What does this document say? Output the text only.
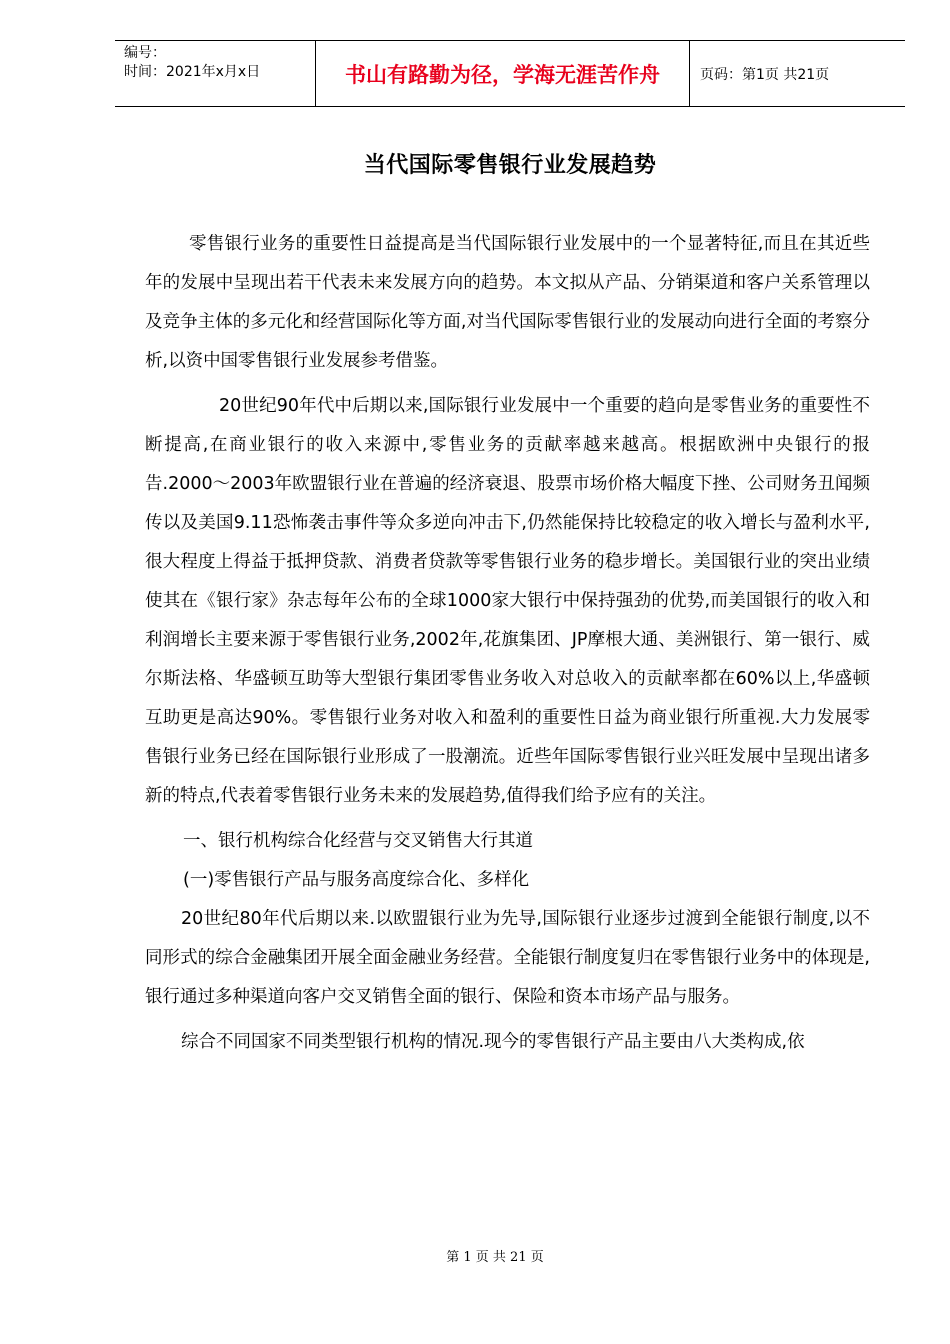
编号：
时间：2021年x月x日	书山有路勤为径，学海无涯苦作舟	页码：第1页 共21页
当代国际零售银行业发展趋势

零售银行业务的重要性日益提高是当代国际银行业发展中的一个显著特征,而且在其近些年的发展中呈现出若干代表未来发展方向的趋势。本文拟从产品、分销渠道和客户关系管理以及竞争主体的多元化和经营国际化等方面,对当代国际零售银行业的发展动向进行全面的考察分析,以资中国零售银行业发展参考借鉴。

20世纪90年代中后期以来,国际银行业发展中一个重要的趋向是零售业务的重要性不断提高,在商业银行的收入来源中,零售业务的贡献率越来越高。根据欧洲中央银行的报告.2000～2003年欧盟银行业在普遍的经济衰退、股票市场价格大幅度下挫、公司财务丑闻频传以及美国9.11恐怖袭击事件等众多逆向冲击下,仍然能保持比较稳定的收入增长与盈利水平,很大程度上得益于抵押贷款、消费者贷款等零售银行业务的稳步增长。美国银行业的突出业绩使其在《银行家》杂志每年公布的全球1000家大银行中保持强劲的优势,而美国银行的收入和利润增长主要来源于零售银行业务,2002年,花旗集团、JP摩根大通、美洲银行、第一银行、威尔斯法格、华盛顿互助等大型银行集团零售业务收入对总收入的贡献率都在60%以上,华盛顿互助更是高达90%。零售银行业务对收入和盈利的重要性日益为商业银行所重视.大力发展零售银行业务已经在国际银行业形成了一股潮流。近些年国际零售银行业兴旺发展中呈现出诸多新的特点,代表着零售银行业务未来的发展趋势,值得我们给予应有的关注。

一、银行机构综合化经营与交叉销售大行其道

(一)零售银行产品与服务高度综合化、多样化

20世纪80年代后期以来.以欧盟银行业为先导,国际银行业逐步过渡到全能银行制度,以不同形式的综合金融集团开展全面金融业务经营。全能银行制度复归在零售银行业务中的体现是,银行通过多种渠道向客户交叉销售全面的银行、保险和资本市场产品与服务。

综合不同国家不同类型银行机构的情况.现今的零售银行产品主要由八大类构成,依

第 1 页 共 21 页
